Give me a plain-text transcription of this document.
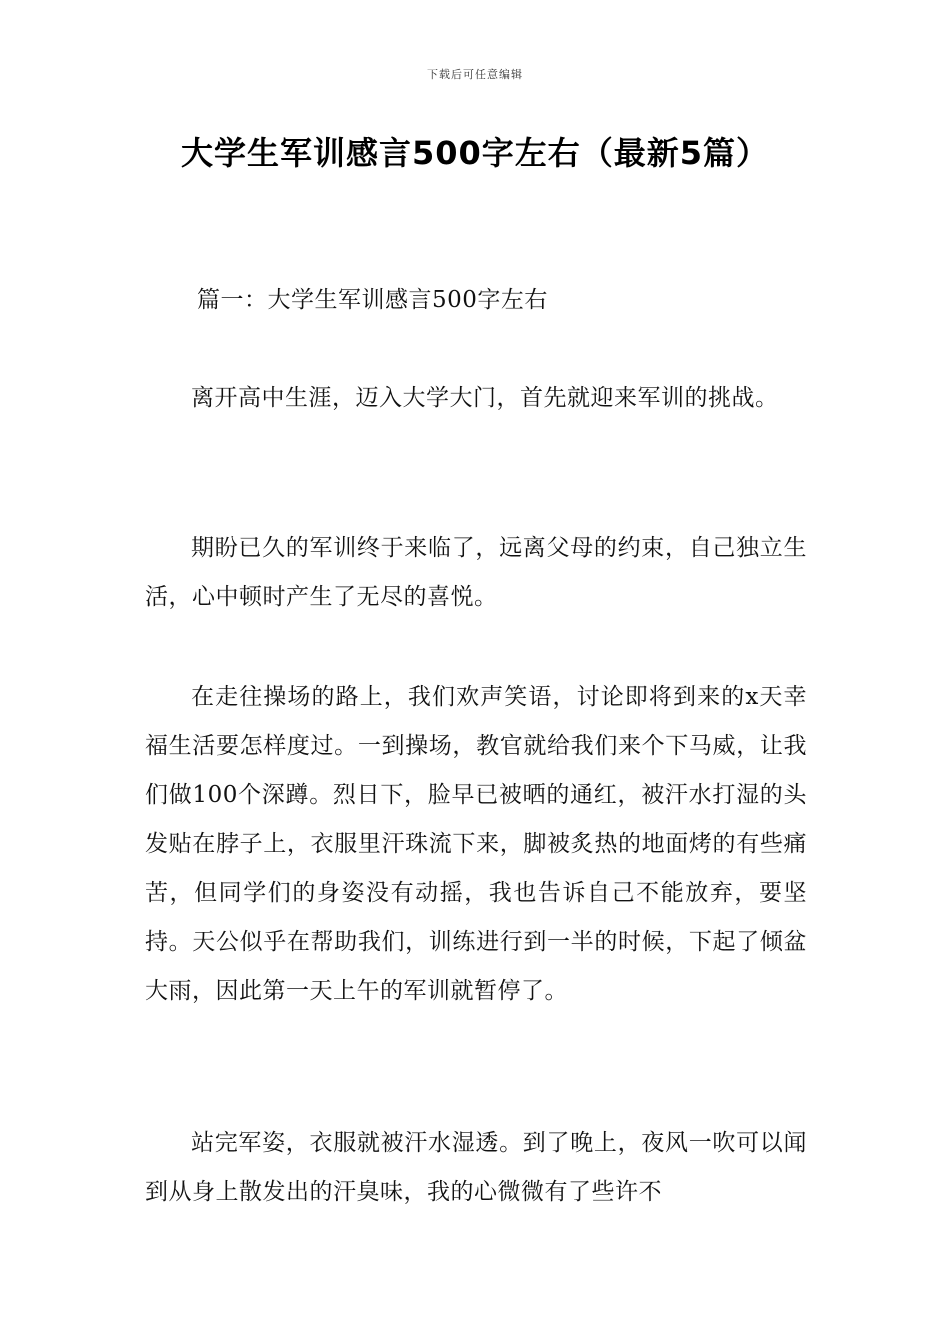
下载后可任意编辑
大学生军训感言500字左右（最新5篇）
篇一：大学生军训感言500字左右

离开高中生涯，迈入大学大门，首先就迎来军训的挑战。

期盼已久的军训终于来临了，远离父母的约束，自己独立生活，心中顿时产生了无尽的喜悦。

在走往操场的路上，我们欢声笑语，讨论即将到来的x天幸福生活要怎样度过。一到操场，教官就给我们来个下马威，让我们做100个深蹲。烈日下，脸早已被晒的通红，被汗水打湿的头发贴在脖子上，衣服里汗珠流下来，脚被炙热的地面烤的有些痛苦，但同学们的身姿没有动摇，我也告诉自己不能放弃，要坚持。天公似乎在帮助我们，训练进行到一半的时候，下起了倾盆大雨，因此第一天上午的军训就暂停了。

站完军姿，衣服就被汗水湿透。到了晚上，夜风一吹可以闻到从身上散发出的汗臭味，我的心微微有了些许不
